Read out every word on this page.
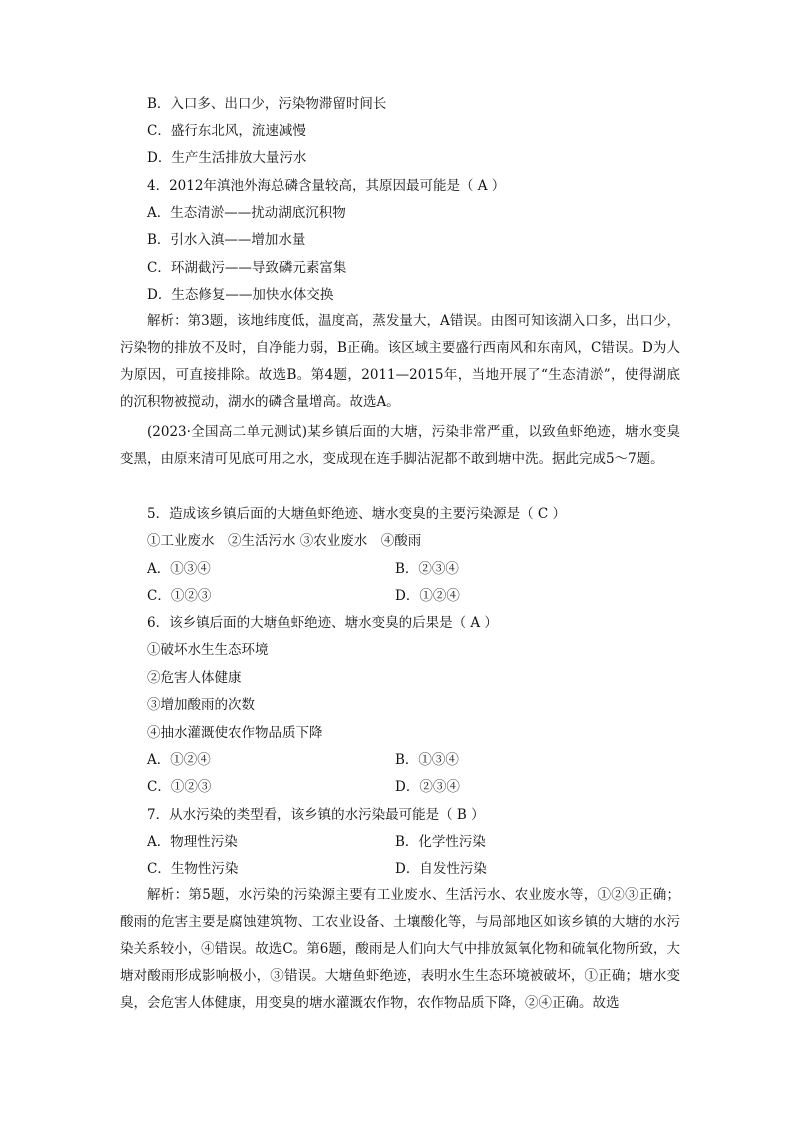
B．入口多、出口少，污染物滞留时间长
C．盛行东北风，流速减慢
D．生产生活排放大量污水
4．2012年滇池外海总磷含量较高，其原因最可能是（ A ）
A．生态清淤——扰动湖底沉积物
B．引水入滇——增加水量
C．环湖截污——导致磷元素富集
D．生态修复——加快水体交换
解析：第3题，该地纬度低，温度高，蒸发量大，A错误。由图可知该湖入口多，出口少，污染物的排放不及时，自净能力弱，B正确。该区域主要盛行西南风和东南风，C错误。D为人为原因，可直接排除。故选B。第4题，2011—2015年，当地开展了“生态清淤”，使得湖底的沉积物被搅动，湖水的磷含量增高。故选A。
(2023·全国高二单元测试)某乡镇后面的大塘，污染非常严重，以致鱼虾绝迹，塘水变臭变黑，由原来清可见底可用之水，变成现在连手脚沾泥都不敢到塘中洗。据此完成5～7题。
5．造成该乡镇后面的大塘鱼虾绝迹、塘水变臭的主要污染源是（ C ）
①工业废水　②生活污水 ③农业废水　④酸雨
A．①③④	B．②③④
C．①②③	D．①②④
6．该乡镇后面的大塘鱼虾绝迹、塘水变臭的后果是（ A ）
①破坏水生生态环境
②危害人体健康
③增加酸雨的次数
④抽水灌溉使农作物品质下降
A．①②④	B．①③④
C．①②③	D．②③④
7．从水污染的类型看，该乡镇的水污染最可能是（ B ）
A．物理性污染	B．化学性污染
C．生物性污染	D．自发性污染
解析：第5题，水污染的污染源主要有工业废水、生活污水、农业废水等，①②③正确；酸雨的危害主要是腐蚀建筑物、工农业设备、土壤酸化等，与局部地区如该乡镇的大塘的水污染关系较小，④错误。故选C。第6题，酸雨是人们向大气中排放氮氧化物和硫氧化物所致，大塘对酸雨形成影响极小，③错误。大塘鱼虾绝迹，表明水生生态环境被破坏，①正确；塘水变臭，会危害人体健康，用变臭的塘水灌溉农作物，农作物品质下降，②④正确。故选
